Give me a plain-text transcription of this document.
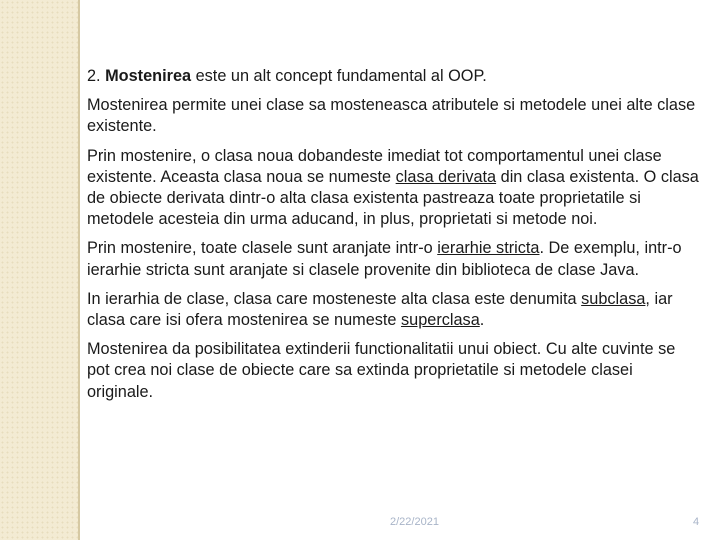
2. Mostenirea este un alt concept fundamental al OOP.

Mostenirea permite unei clase sa mosteneasca atributele si metodele unei alte clase existente.

Prin mostenire, o clasa noua dobandeste imediat tot comportamentul unei clase existente. Aceasta clasa noua se numeste clasa derivata din clasa existenta. O clasa de obiecte derivata dintr-o alta clasa existenta pastreaza toate proprietatile si metodele acesteia din urma aducand, in plus, proprietati si metode noi.

Prin mostenire, toate clasele sunt aranjate intr-o ierarhie stricta. De exemplu, intr-o ierarhie stricta sunt aranjate si clasele provenite din biblioteca de clase Java.

In ierarhia de clase, clasa care mosteneste alta clasa este denumita subclasa, iar clasa care isi ofera mostenirea se numeste superclasa.

Mostenirea da posibilitatea extinderii functionalitatii unui obiect. Cu alte cuvinte se pot crea noi clase de obiecte care sa extinda proprietatile si metodele clasei originale.

2/22/2021	4
